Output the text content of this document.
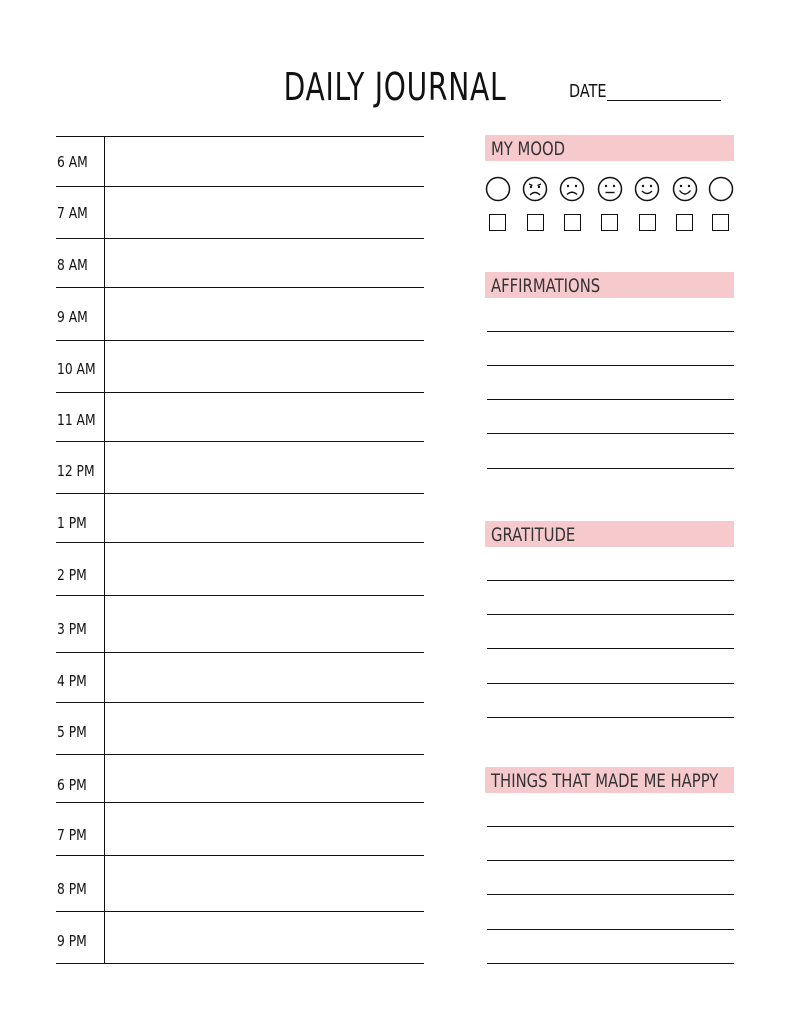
DAILY JOURNAL	DATE
6 AM
7 AM
8 AM
9 AM
10 AM
11 AM
12 PM
1 PM
2 PM
3 PM
4 PM
5 PM
6 PM
7 PM
8 PM
9 PM
MY MOOD
AFFIRMATIONS
GRATITUDE
THINGS THAT MADE ME HAPPY
